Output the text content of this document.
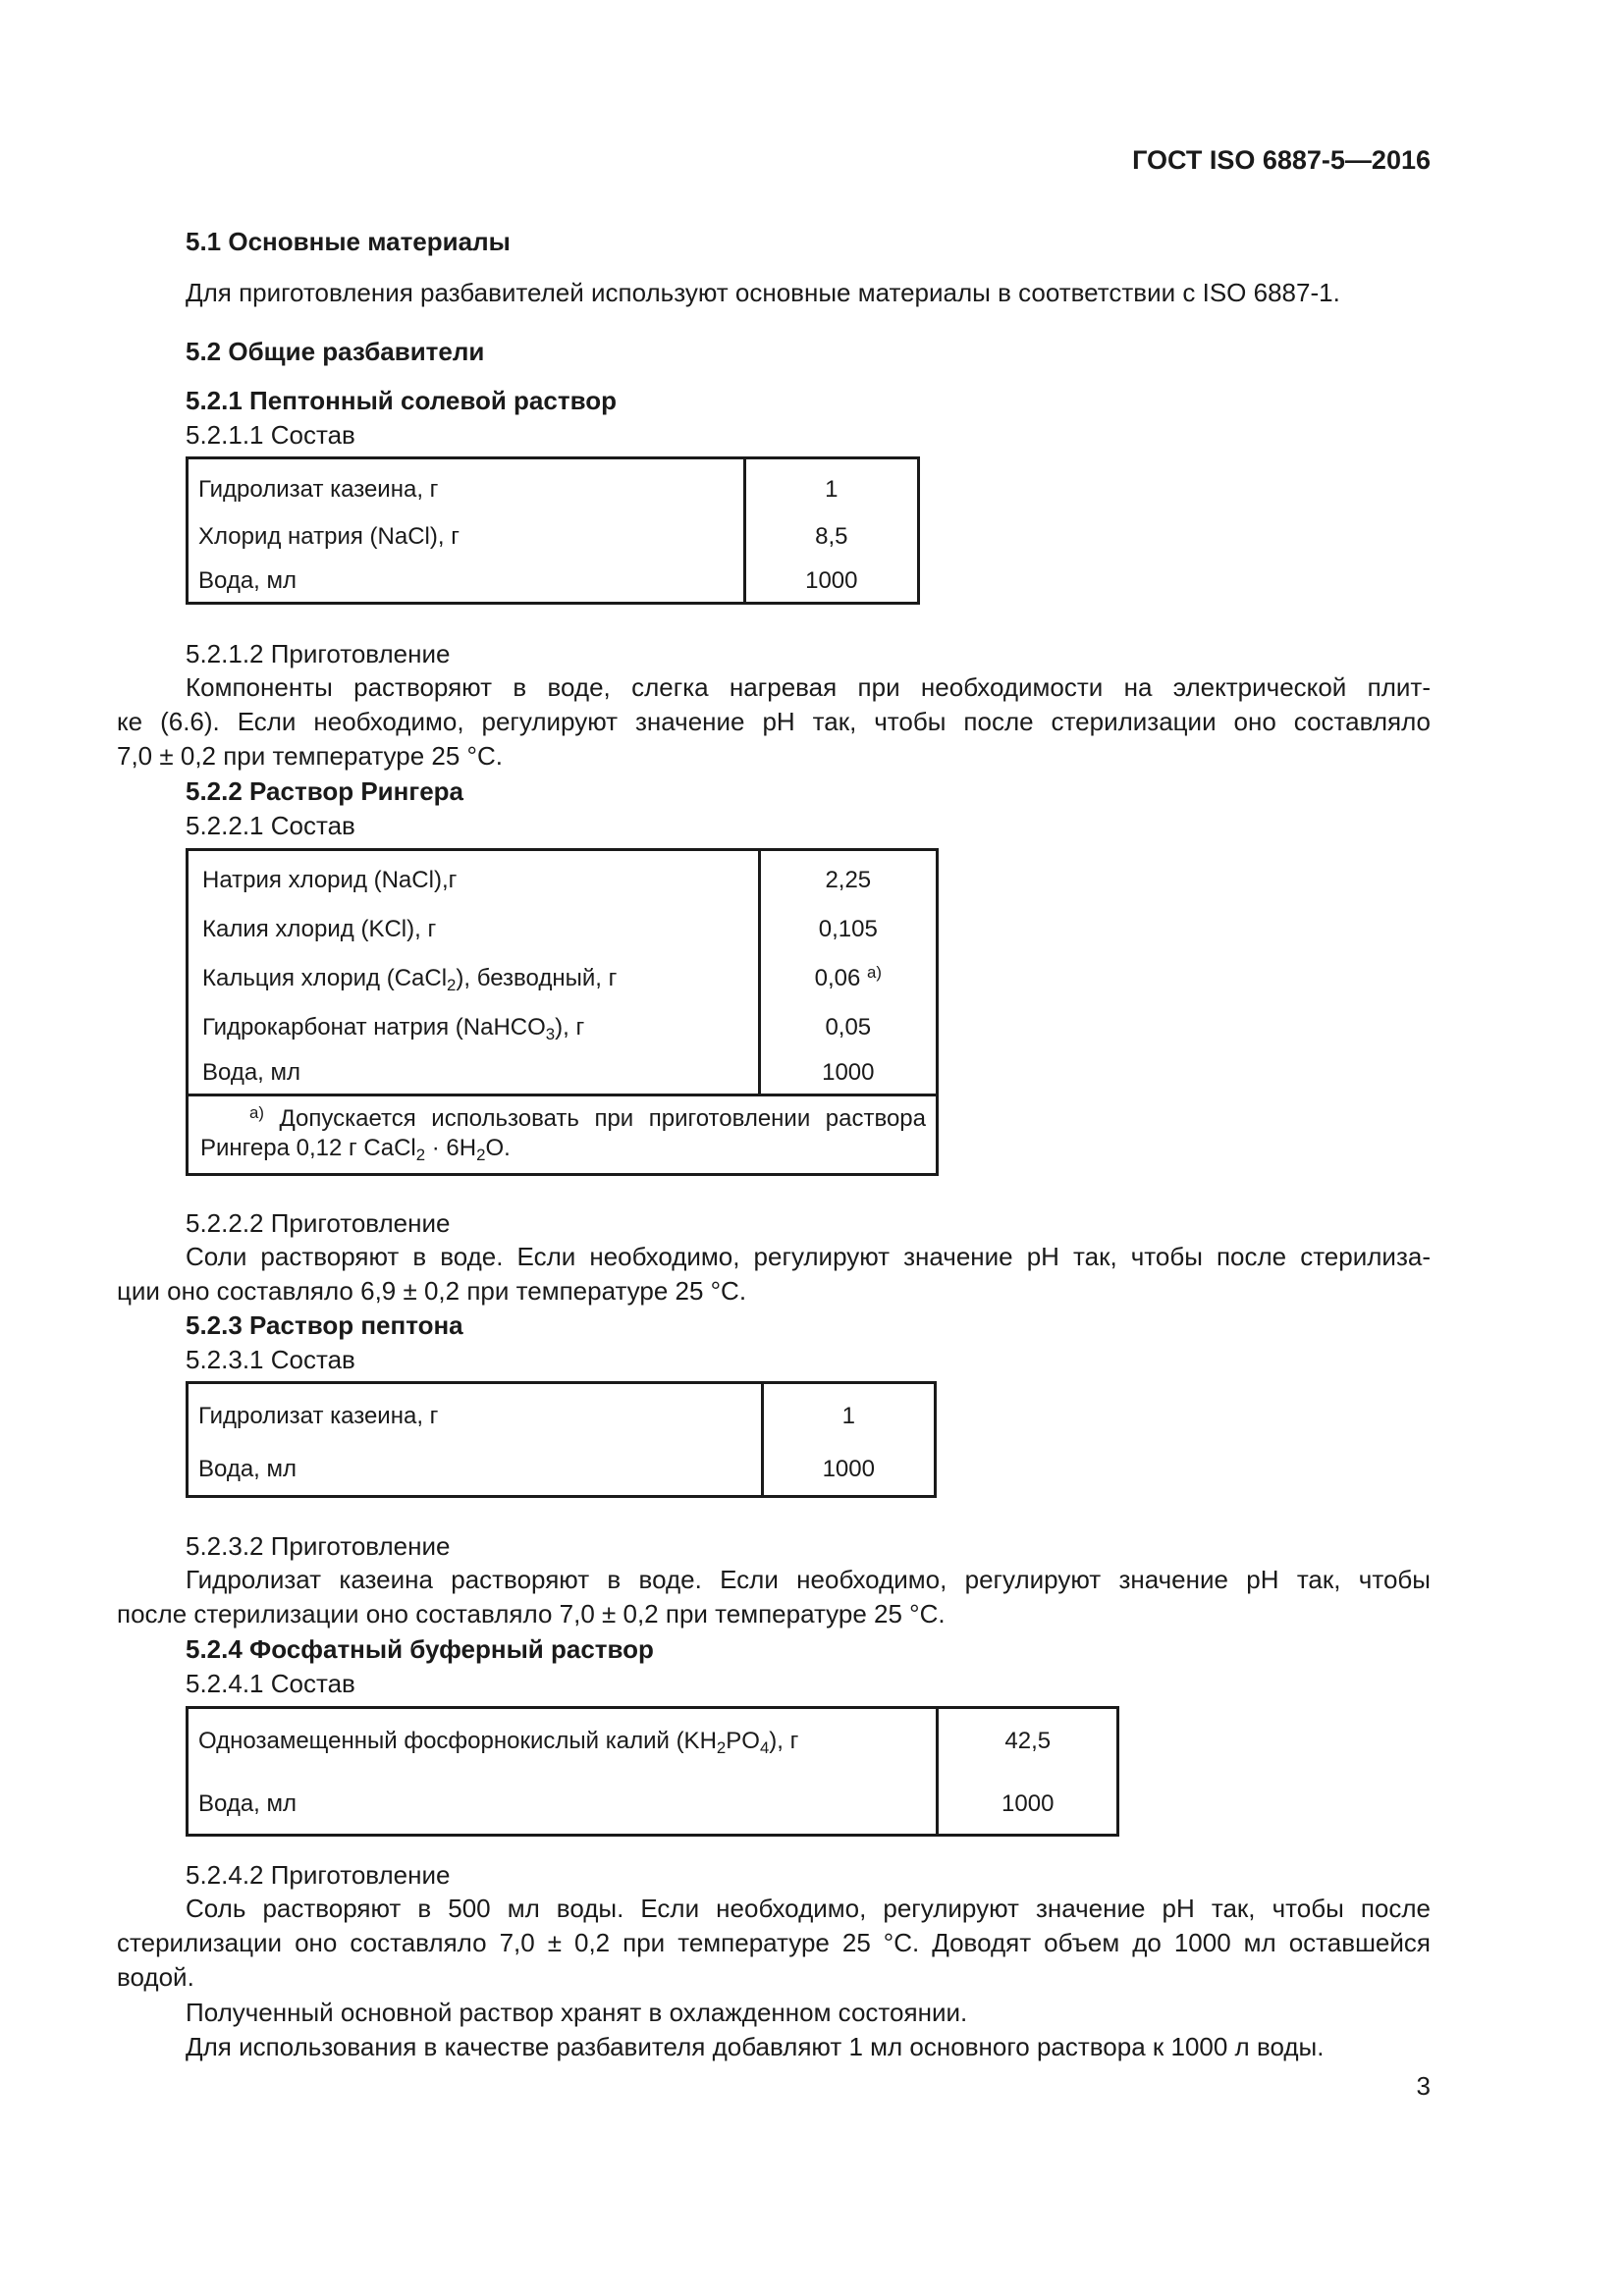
ГОСТ ISO 6887-5—2016
5.1 Основные материалы
Для приготовления разбавителей используют основные материалы в соответствии с ISO 6887-1.
5.2 Общие разбавители
5.2.1 Пептонный солевой раствор
5.2.1.1 Состав
Гидролизат казеина, г	1
Хлорид натрия (NaCl), г	8,5
Вода, мл	1000
5.2.1.2 Приготовление
Компоненты растворяют в воде, слегка нагревая при необходимости на электрической плит-
ке (6.6). Если необходимо, регулируют значение pH так, чтобы после стерилизации оно составляло
7,0 ± 0,2 при температуре 25 °С.
5.2.2 Раствор Рингера
5.2.2.1 Состав
Натрия хлорид (NaCl),г	2,25
Калия хлорид (KCl), г	0,105
Кальция хлорид (CaCl$_2$), безводный, г	0,06 $^{a)}$
Гидрокарбонат натрия (NaHCO$_3$), г	0,05
Вода, мл	1000

$^{a)}$ Допускается использовать при приготовлении раствора
Рингера 0,12 г CaCl$_2$ · $6H_2O$.	
5.2.2.2 Приготовление
Соли растворяют в воде. Если необходимо, регулируют значение pH так, чтобы после стерилиза-
ции оно составляло 6,9 ± 0,2 при температуре 25 °С.
5.2.3 Раствор пептона
5.2.3.1 Состав
Гидролизат казеина, г	1
Вода, мл	1000
5.2.3.2 Приготовление
Гидролизат казеина растворяют в воде. Если необходимо, регулируют значение pH так, чтобы
после стерилизации оно составляло 7,0 ± 0,2 при температуре 25 °С.
5.2.4 Фосфатный буферный раствор
5.2.4.1 Состав
Однозамещенный фосфорнокислый калий $(KH_2PO_4)$, г	42,5
Вода, мл	1000
5.2.4.2 Приготовление
Соль растворяют в 500 мл воды. Если необходимо, регулируют значение pH так, чтобы после
стерилизации оно составляло 7,0 ± 0,2 при температуре 25 °С. Доводят объем до 1000 мл оставшейся
водой.
Полученный основной раствор хранят в охлажденном состоянии.
Для использования в качестве разбавителя добавляют 1 мл основного раствора к 1000 л воды.
3
